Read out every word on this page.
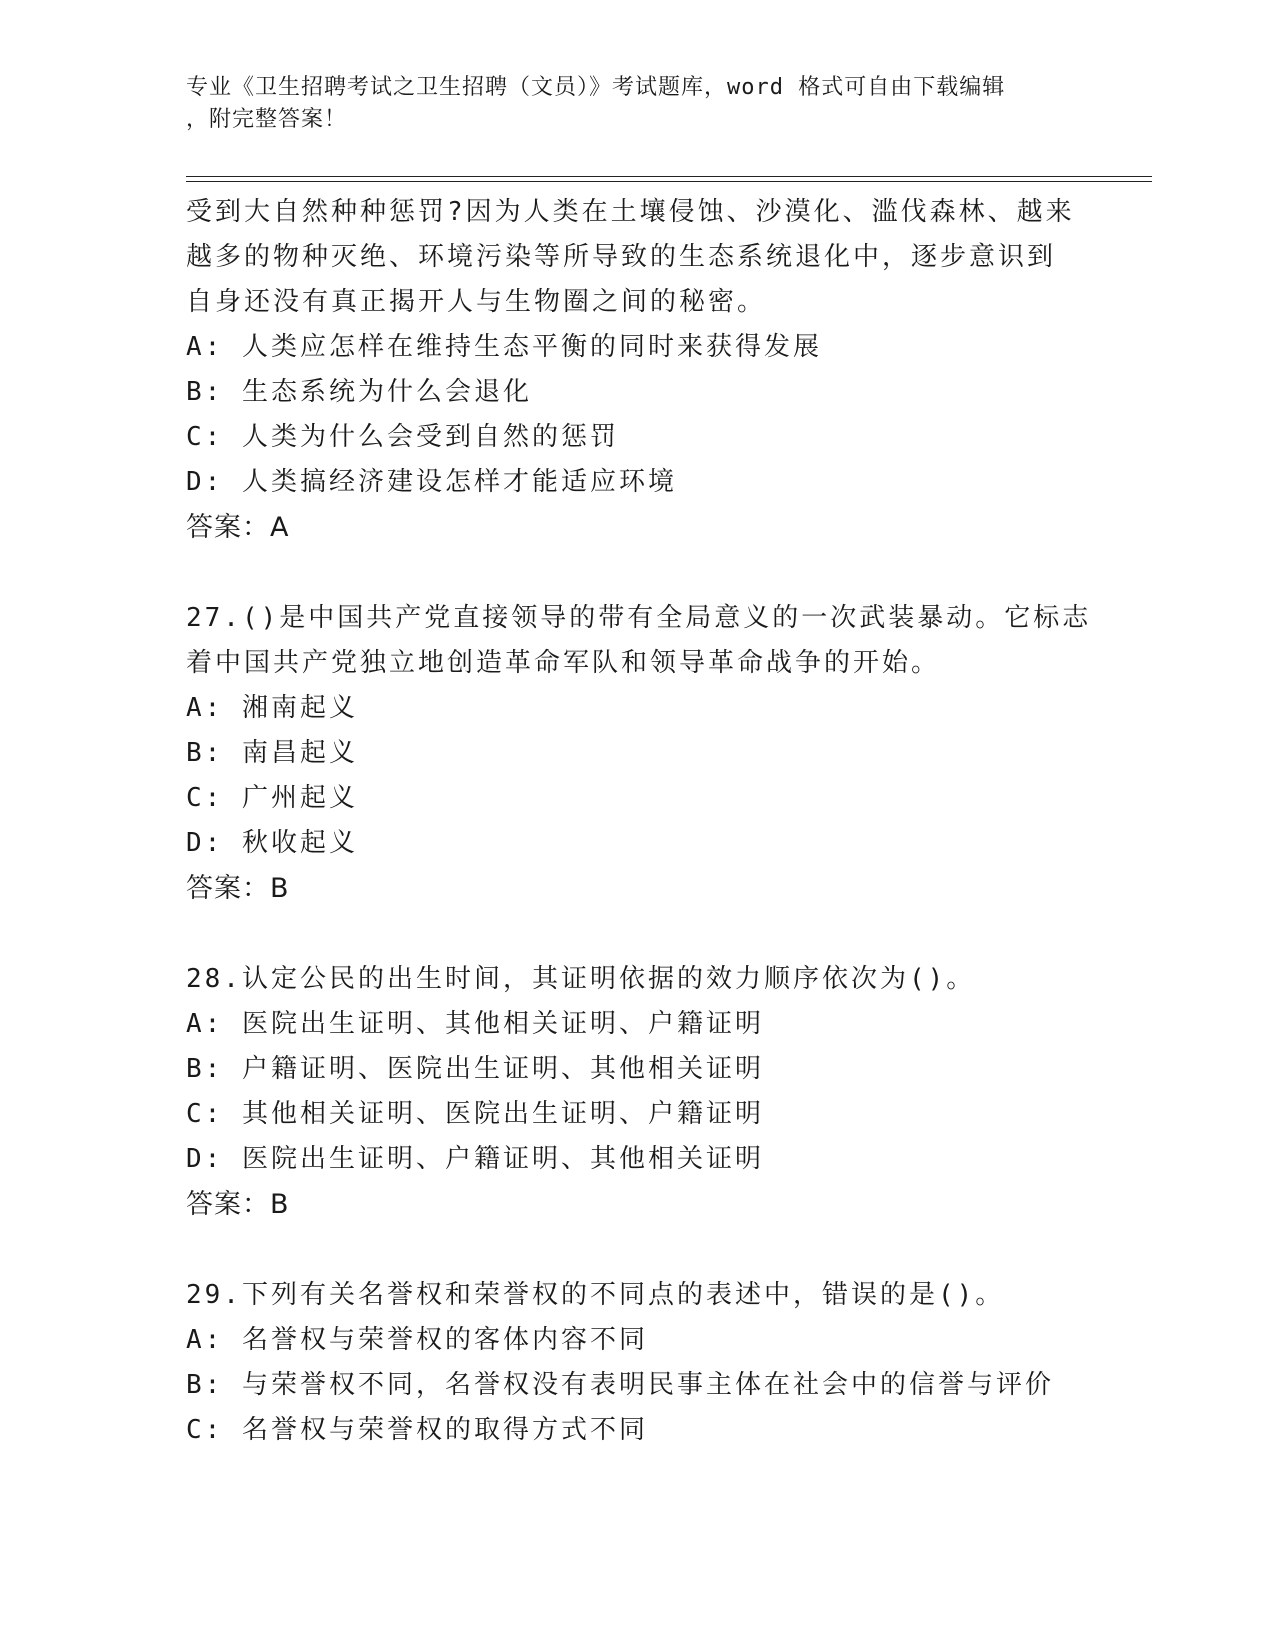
专业《卫生招聘考试之卫生招聘（文员）》考试题库，word 格式可自由下载编辑
，附完整答案！
受到大自然种种惩罚?因为人类在土壤侵蚀、沙漠化、滥伐森林、越来
越多的物种灭绝、环境污染等所导致的生态系统退化中，逐步意识到
自身还没有真正揭开人与生物圈之间的秘密。
A: 人类应怎样在维持生态平衡的同时来获得发展
B: 生态系统为什么会退化
C: 人类为什么会受到自然的惩罚
D: 人类搞经济建设怎样才能适应环境
答案：A
27.()是中国共产党直接领导的带有全局意义的一次武装暴动。它标志
着中国共产党独立地创造革命军队和领导革命战争的开始。
A: 湘南起义
B: 南昌起义
C: 广州起义
D: 秋收起义
答案：B
28.认定公民的出生时间，其证明依据的效力顺序依次为()。
A: 医院出生证明、其他相关证明、户籍证明
B: 户籍证明、医院出生证明、其他相关证明
C: 其他相关证明、医院出生证明、户籍证明
D: 医院出生证明、户籍证明、其他相关证明
答案：B
29.下列有关名誉权和荣誉权的不同点的表述中，错误的是()。
A: 名誉权与荣誉权的客体内容不同
B: 与荣誉权不同，名誉权没有表明民事主体在社会中的信誉与评价
C: 名誉权与荣誉权的取得方式不同
